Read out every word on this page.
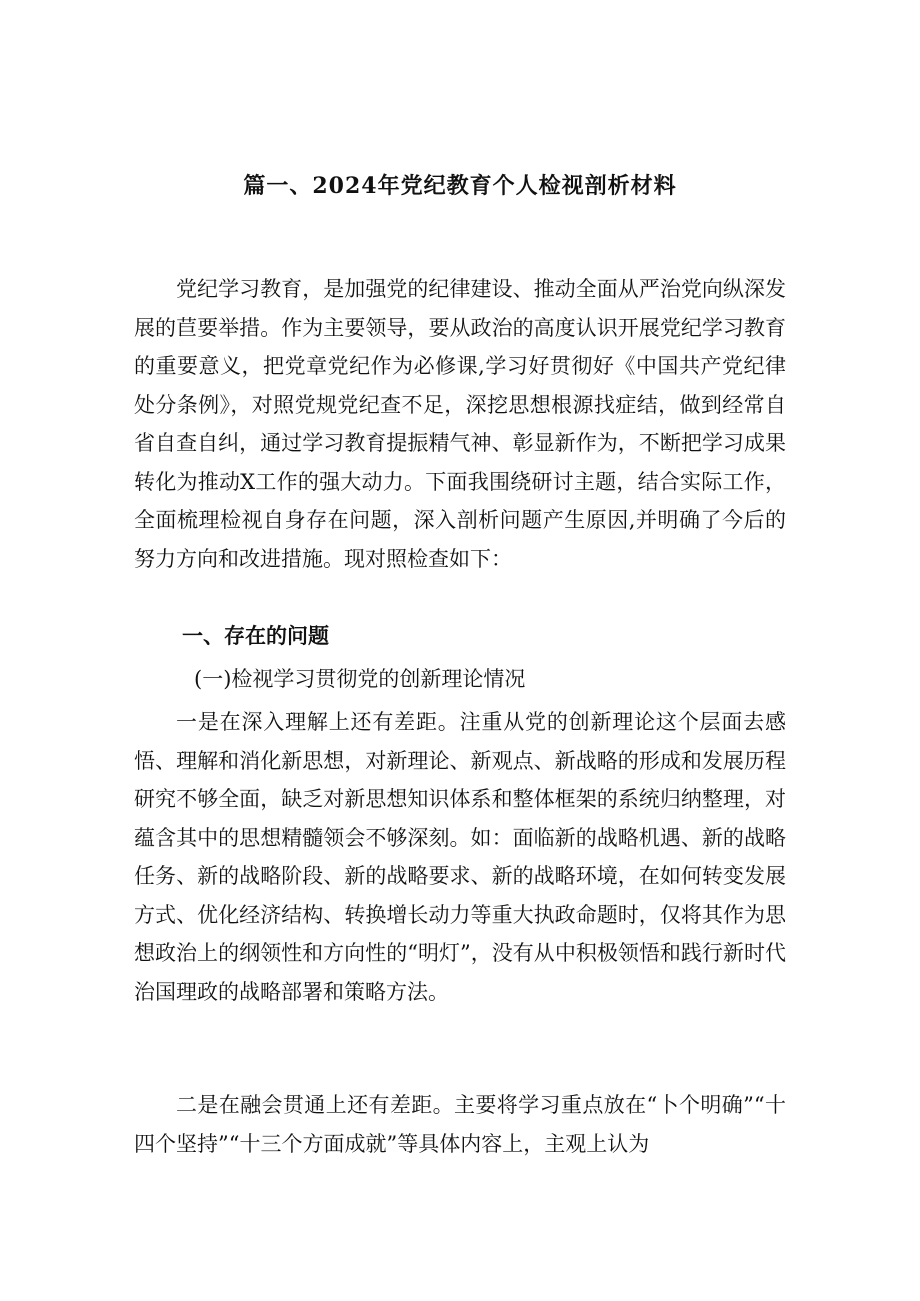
篇一、2024年党纪教育个人检视剖析材料

党纪学习教育，是加强党的纪律建设、推动全面从严治党向纵深发展的苣要举措。作为主要领导，要从政治的高度认识开展党纪学习教育的重要意义，把党章党纪作为必修课,学习好贯彻好《中国共产党纪律处分条例》，对照党规党纪查不足，深挖思想根源找症结，做到经常自省自查自纠，通过学习教育提振精气神、彰显新作为，不断把学习成果转化为推动X工作的强大动力。下面我围绕研讨主题，结合实际工作，全面梳理检视自身存在问题，深入剖析问题产生原因,并明确了今后的努力方向和改进措施。现对照检查如下：

一、存在的问题
(一)检视学习贯彻党的创新理论情况

一是在深入理解上还有差距。注重从党的创新理论这个层面去感悟、理解和消化新思想，对新理论、新观点、新战略的形成和发展历程研究不够全面，缺乏对新思想知识体系和整体框架的系统归纳整理，对蕴含其中的思想精髓领会不够深刻。如：面临新的战略机遇、新的战略任务、新的战略阶段、新的战略要求、新的战略环境，在如何转变发展方式、优化经济结构、转换增长动力等重大执政命题时，仅将其作为思想政治上的纲领性和方向性的“明灯”，没有从中积极领悟和践行新时代治国理政的战略部署和策略方法。

二是在融会贯通上还有差距。主要将学习重点放在“卜个明确”“十四个坚持”“十三个方面成就”等具体内容上，主观上认为
